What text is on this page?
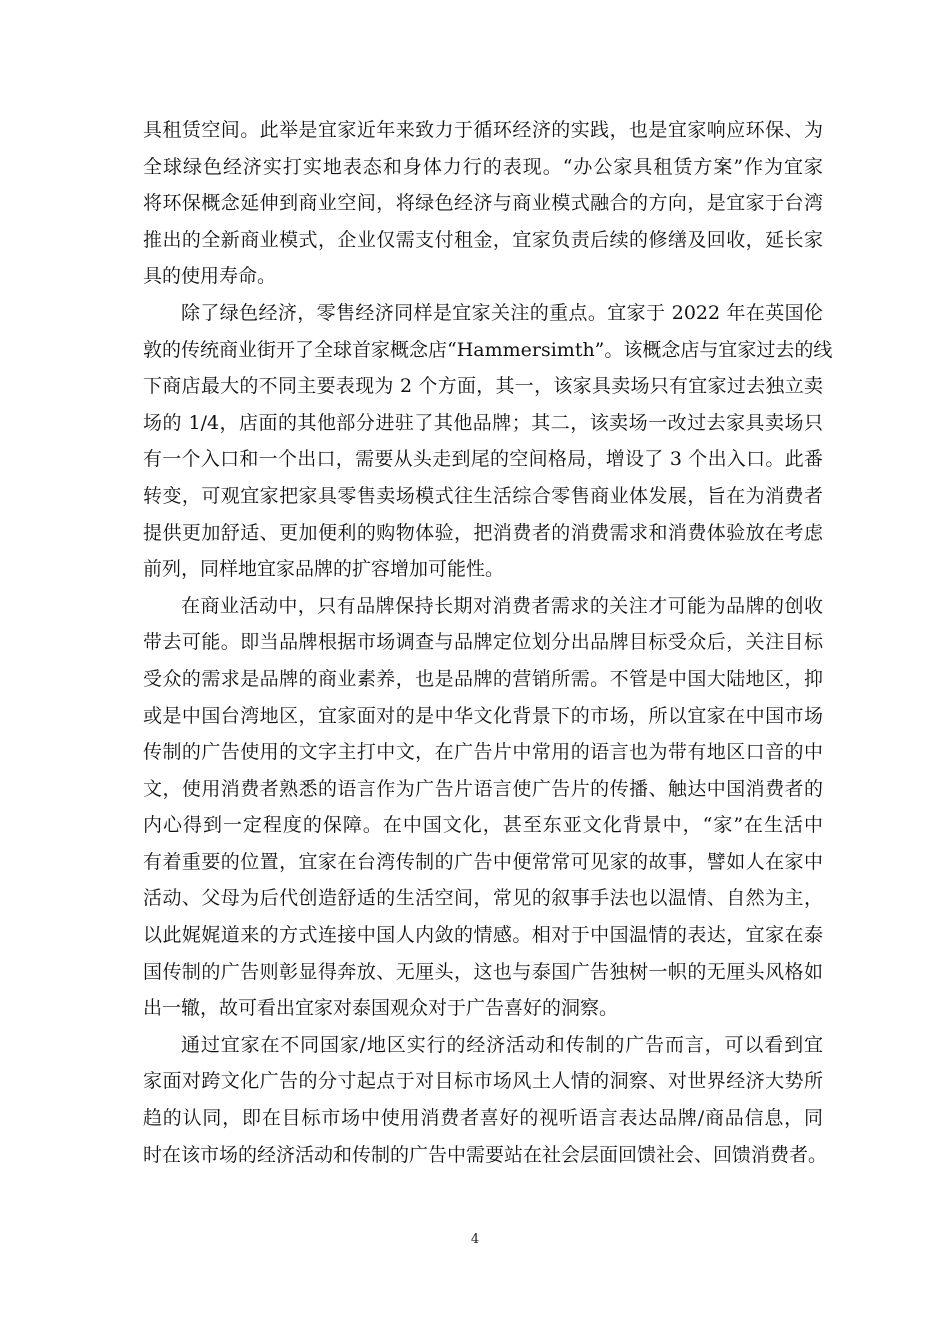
具租赁空间。此举是宜家近年来致力于循环经济的实践，也是宜家响应环保、为
全球绿色经济实打实地表态和身体力行的表现。“办公家具租赁方案”作为宜家
将环保概念延伸到商业空间，将绿色经济与商业模式融合的方向，是宜家于台湾
推出的全新商业模式，企业仅需支付租金，宜家负责后续的修缮及回收，延长家
具的使用寿命。
除了绿色经济，零售经济同样是宜家关注的重点。宜家于 2022 年在英国伦
敦的传统商业街开了全球首家概念店“Hammersimth”。该概念店与宜家过去的线
下商店最大的不同主要表现为 2 个方面，其一，该家具卖场只有宜家过去独立卖
场的 1/4，店面的其他部分进驻了其他品牌；其二，该卖场一改过去家具卖场只
有一个入口和一个出口，需要从头走到尾的空间格局，增设了 3 个出入口。此番
转变，可观宜家把家具零售卖场模式往生活综合零售商业体发展，旨在为消费者
提供更加舒适、更加便利的购物体验，把消费者的消费需求和消费体验放在考虑
前列，同样地宜家品牌的扩容增加可能性。
在商业活动中，只有品牌保持长期对消费者需求的关注才可能为品牌的创收
带去可能。即当品牌根据市场调查与品牌定位划分出品牌目标受众后，关注目标
受众的需求是品牌的商业素养，也是品牌的营销所需。不管是中国大陆地区，抑
或是中国台湾地区，宜家面对的是中华文化背景下的市场，所以宜家在中国市场
传制的广告使用的文字主打中文，在广告片中常用的语言也为带有地区口音的中
文，使用消费者熟悉的语言作为广告片语言使广告片的传播、触达中国消费者的
内心得到一定程度的保障。在中国文化，甚至东亚文化背景中，“家”在生活中
有着重要的位置，宜家在台湾传制的广告中便常常可见家的故事，譬如人在家中
活动、父母为后代创造舒适的生活空间，常见的叙事手法也以温情、自然为主，
以此娓娓道来的方式连接中国人内敛的情感。相对于中国温情的表达，宜家在泰
国传制的广告则彰显得奔放、无厘头，这也与泰国广告独树一帜的无厘头风格如
出一辙，故可看出宜家对泰国观众对于广告喜好的洞察。
通过宜家在不同国家/地区实行的经济活动和传制的广告而言，可以看到宜
家面对跨文化广告的分寸起点于对目标市场风土人情的洞察、对世界经济大势所
趋的认同，即在目标市场中使用消费者喜好的视听语言表达品牌/商品信息，同
时在该市场的经济活动和传制的广告中需要站在社会层面回馈社会、回馈消费者。
4
